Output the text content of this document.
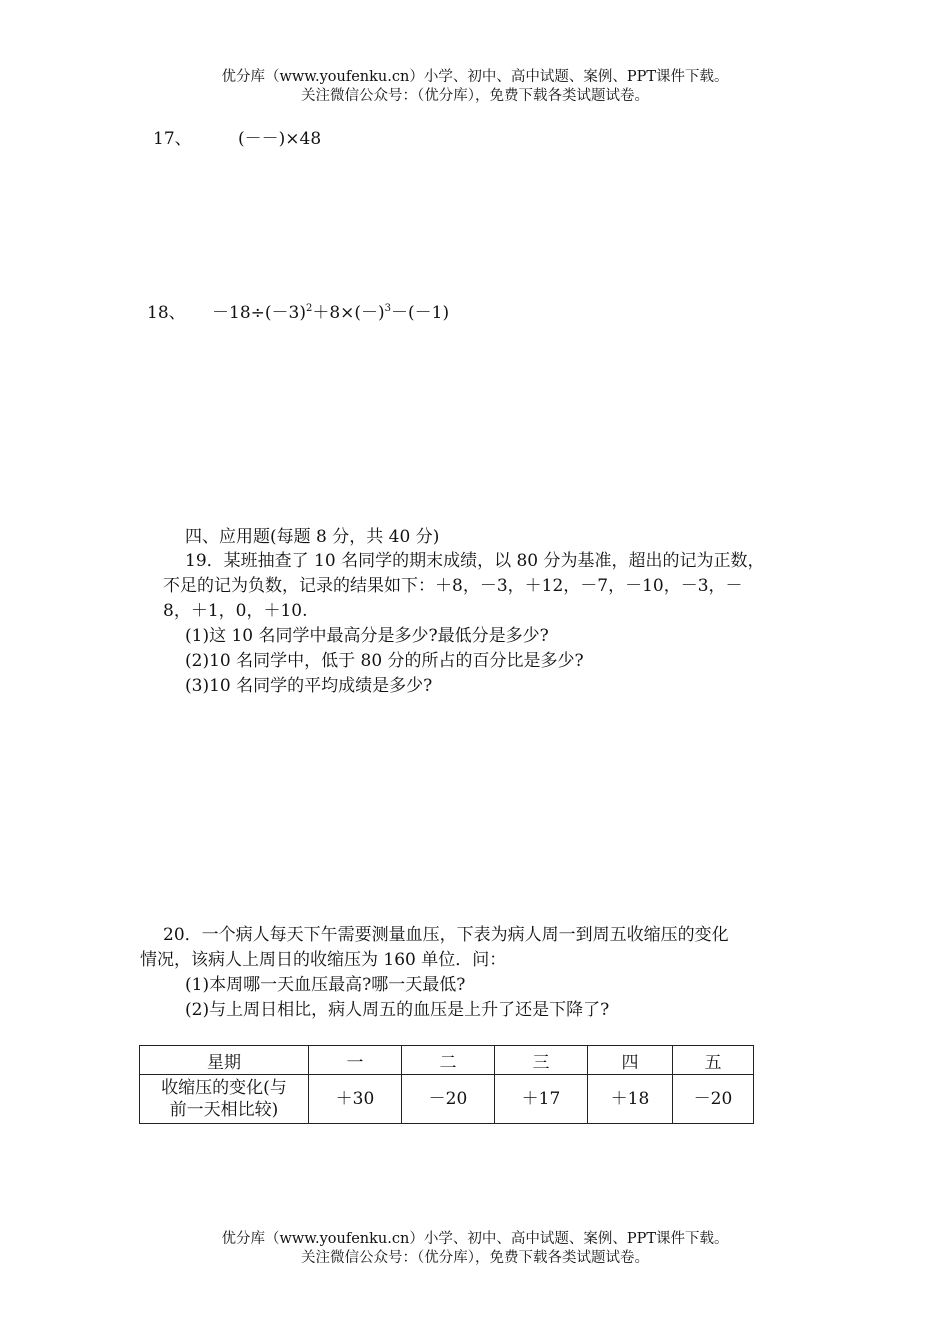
优分库（www.youfenku.cn）小学、初中、高中试题、案例、PPT课件下载。
关注微信公众号：（优分库），免费下载各类试题试卷。
17、	(－－)×48
18、 $-18\div(-3)^2+8\times(-)^3-(-1)$
四、应用题(每题 8 分，共 40 分)
19．某班抽查了 10 名同学的期末成绩，以 80 分为基准，超出的记为正数，
不足的记为负数，记录的结果如下：＋8，－3，＋12，－7，－10，－3，－
8，＋1，0，＋10.
(1)这 10 名同学中最高分是多少?最低分是多少?
(2)10 名同学中，低于 80 分的所占的百分比是多少?
(3)10 名同学的平均成绩是多少?
20．一个病人每天下午需要测量血压，下表为病人周一到周五收缩压的变化
情况，该病人上周日的收缩压为 160 单位．问：
(1)本周哪一天血压最高?哪一天最低?
(2)与上周日相比，病人周五的血压是上升了还是下降了?
星期	一	二	三	四	五

收缩压的变化(与
前一天相比较)	＋30	－20	＋17	＋18	－20
优分库（www.youfenku.cn）小学、初中、高中试题、案例、PPT课件下载。
关注微信公众号：（优分库），免费下载各类试题试卷。
